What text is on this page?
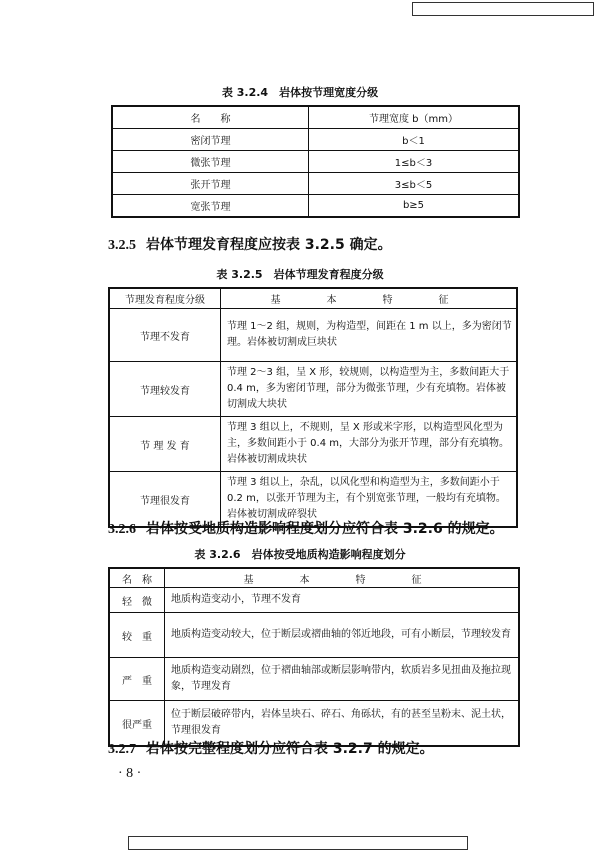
表 3.2.4　岩体按节理宽度分级
名　　称	节理宽度 b（mm）
密闭节理	b＜1
微张节理	1≤b＜3
张开节理	3≤b＜5
宽张节理	b≥5
3.2.5 岩体节理发育程度应按表 3.2.5 确定。
表 3.2.5　岩体节理发育程度分级
节理发育程度分级	基　本　特　征
节理不发育	节理 1～2 组，规则，为构造型，间距在 1 m 以上，多为密闭节理。岩体被切割成巨块状
节理较发育	节理 2～3 组，呈 X 形，较规则，以构造型为主，多数间距大于 0.4 m，多为密闭节理，部分为微张节理，少有充填物。岩体被切割成大块状
节 理 发 育	节理 3 组以上，不规则，呈 X 形或米字形，以构造型风化型为主，多数间距小于 0.4 m，大部分为张开节理，部分有充填物。岩体被切割成块状
节理很发育	节理 3 组以上，杂乱，以风化型和构造型为主，多数间距小于 0.2 m，以张开节理为主，有个别宽张节理，一般均有充填物。岩体被切割成碎裂状
3.2.6 岩体按受地质构造影响程度划分应符合表 3.2.6 的规定。
表 3.2.6　岩体按受地质构造影响程度划分
名　称	基　本　特　征
轻　微	地质构造变动小，节理不发育
较　重	地质构造变动较大，位于断层或褶曲轴的邻近地段，可有小断层，节理较发育
严　重	地质构造变动剧烈，位于褶曲轴部或断层影响带内，软质岩多见扭曲及拖拉现象，节理发育
很严重	位于断层破碎带内，岩体呈块石、碎石、角砾状，有的甚至呈粉末、泥土状，节理很发育
3.2.7 岩体按完整程度划分应符合表 3.2.7 的规定。
· 8 ·
